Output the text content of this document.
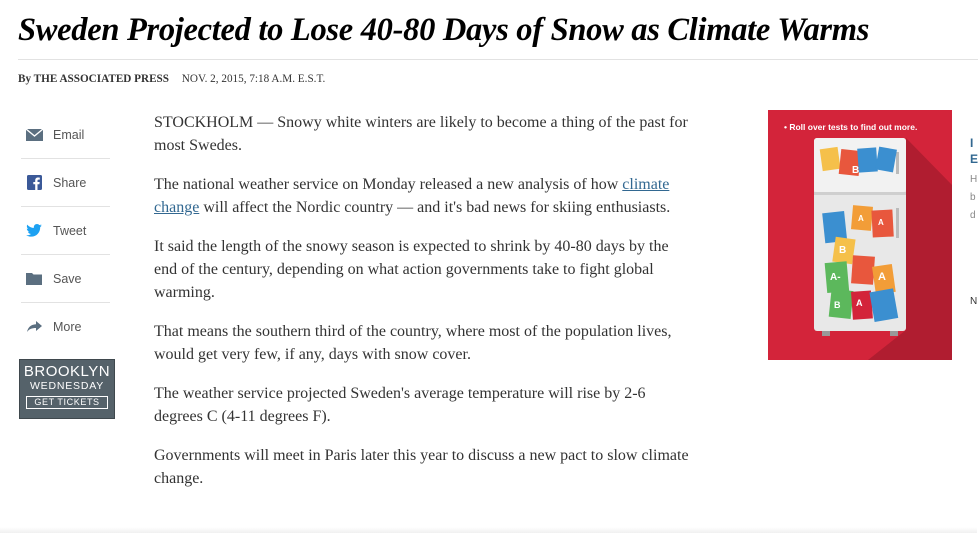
Sweden Projected to Lose 40-80 Days of Snow as Climate Warms
By THE ASSOCIATED PRESS NOV. 2, 2015, 7:18 A.M. E.S.T.
Email
Share
Tweet
Save
More
BROOKLYN
WEDNESDAY
GET TICKETS

STOCKHOLM — Snowy white winters are likely to become a thing of the past for most Swedes.

The national weather service on Monday released a new analysis of how climate change will affect the Nordic country — and it's bad news for skiing enthusiasts.

It said the length of the snowy season is expected to shrink by 40-80 days by the end of the century, depending on what action governments take to fight global warming.

That means the southern third of the country, where most of the population lives, would get very few, if any, days with snow cover.

The weather service projected Sweden's average temperature will rise by 2-6 degrees C (4-11 degrees F).

Governments will meet in Paris later this year to discuss a new pact to slow climate change.

• Roll over tests to find out more.
B
A
B
A
A-	A
B A
I
E
H
b
d
N
